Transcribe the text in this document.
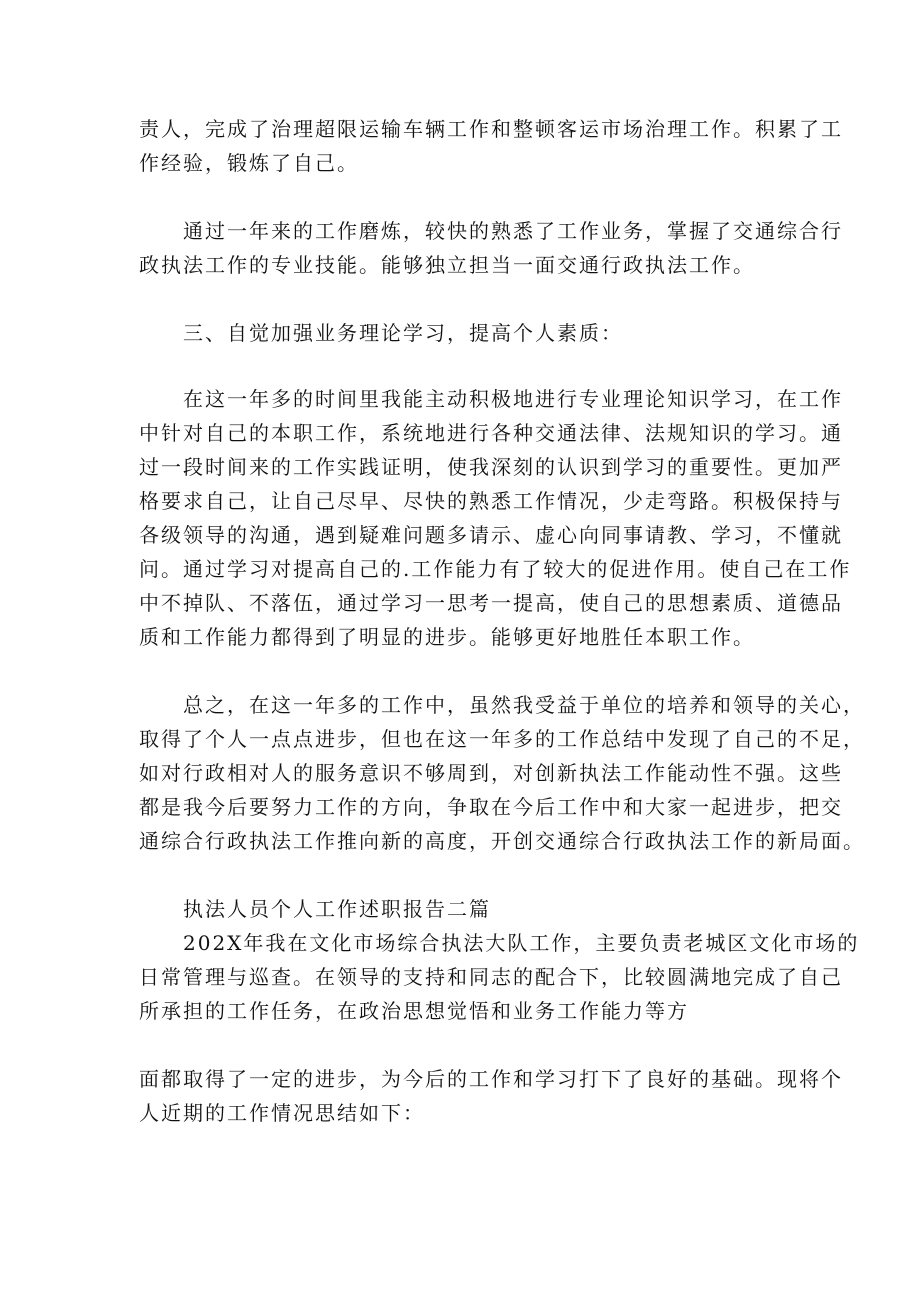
责人，完成了治理超限运输车辆工作和整顿客运市场治理工作。积累了工
作经验，锻炼了自己。
通过一年来的工作磨炼，较快的熟悉了工作业务，掌握了交通综合行
政执法工作的专业技能。能够独立担当一面交通行政执法工作。
三、自觉加强业务理论学习，提高个人素质：
在这一年多的时间里我能主动积极地进行专业理论知识学习，在工作
中针对自己的本职工作，系统地进行各种交通法律、法规知识的学习。通
过一段时间来的工作实践证明，使我深刻的认识到学习的重要性。更加严
格要求自己，让自己尽早、尽快的熟悉工作情况，少走弯路。积极保持与
各级领导的沟通，遇到疑难问题多请示、虚心向同事请教、学习，不懂就
问。通过学习对提高自己的.工作能力有了较大的促进作用。使自己在工作
中不掉队、不落伍，通过学习一思考一提高，使自己的思想素质、道德品
质和工作能力都得到了明显的进步。能够更好地胜任本职工作。
总之，在这一年多的工作中，虽然我受益于单位的培养和领导的关心，
取得了个人一点点进步，但也在这一年多的工作总结中发现了自己的不足，
如对行政相对人的服务意识不够周到，对创新执法工作能动性不强。这些
都是我今后要努力工作的方向，争取在今后工作中和大家一起进步，把交
通综合行政执法工作推向新的高度，开创交通综合行政执法工作的新局面。
执法人员个人工作述职报告二篇
202X年我在文化市场综合执法大队工作，主要负责老城区文化市场的
日常管理与巡查。在领导的支持和同志的配合下，比较圆满地完成了自己
所承担的工作任务，在政治思想觉悟和业务工作能力等方
面都取得了一定的进步，为今后的工作和学习打下了良好的基础。现将个
人近期的工作情况思结如下：
